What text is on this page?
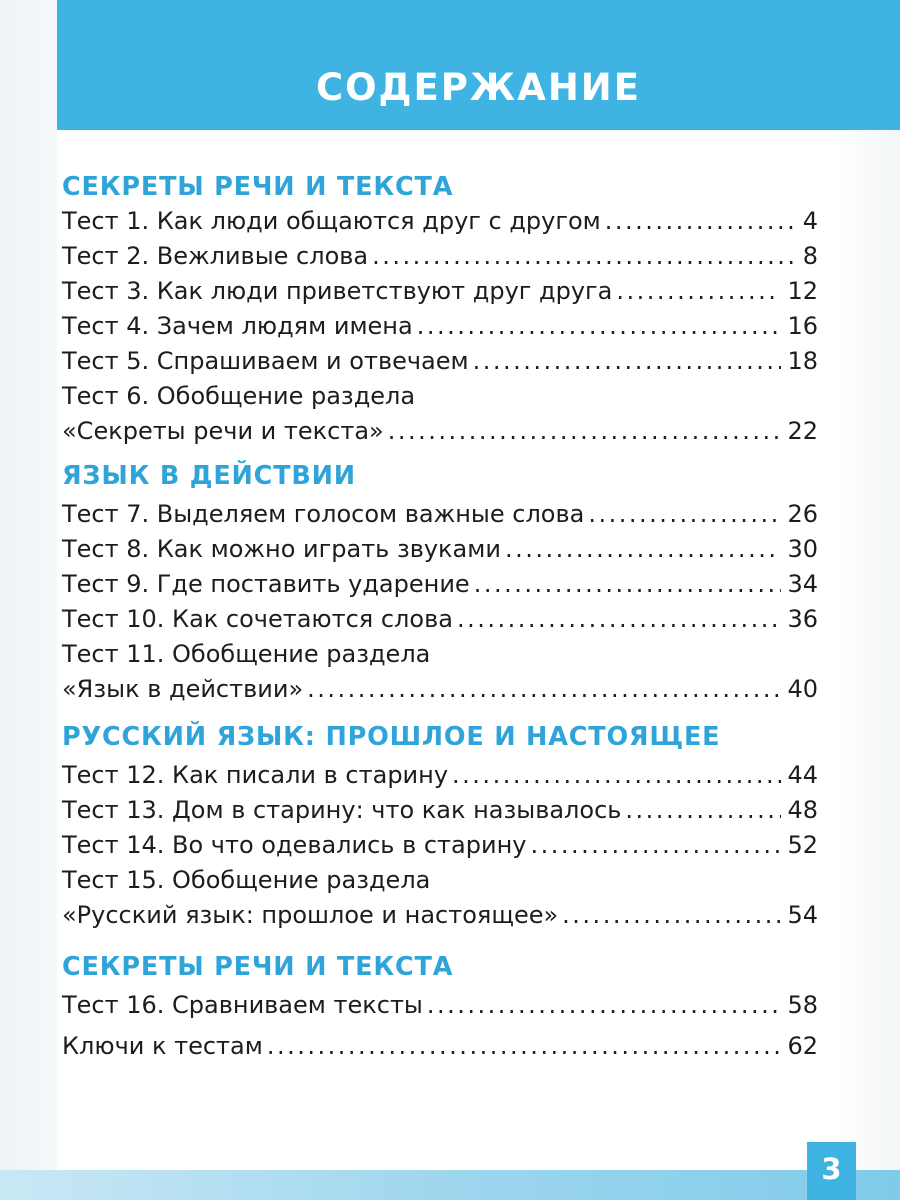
СОДЕРЖАНИЕ
СЕКРЕТЫ РЕЧИ И ТЕКСТА
Тест 1. Как люди общаются друг с другом .....	4
Тест 2. Вежливые слова .....	8
Тест 3. Как люди приветствуют друг друга .....	12
Тест 4. Зачем людям имена .....	16
Тест 5. Спрашиваем и отвечаем .....	18
Тест 6. Обобщение раздела
«Секреты речи и текста» .....	22
ЯЗЫК В ДЕЙСТВИИ
Тест 7. Выделяем голосом важные слова .....	26
Тест 8. Как можно играть звуками .....	30
Тест 9. Где поставить ударение .....	34
Тест 10. Как сочетаются слова .....	36
Тест 11. Обобщение раздела
«Язык в действии» .....	40
РУССКИЙ ЯЗЫК: ПРОШЛОЕ И НАСТОЯЩЕЕ
Тест 12. Как писали в старину .....	44
Тест 13. Дом в старину: что как называлось .....	48
Тест 14. Во что одевались в старину .....	52
Тест 15. Обобщение раздела
«Русский язык: прошлое и настоящее» .....	54
СЕКРЕТЫ РЕЧИ И ТЕКСТА
Тест 16. Сравниваем тексты .....	58
Ключи к тестам .....	62
3
